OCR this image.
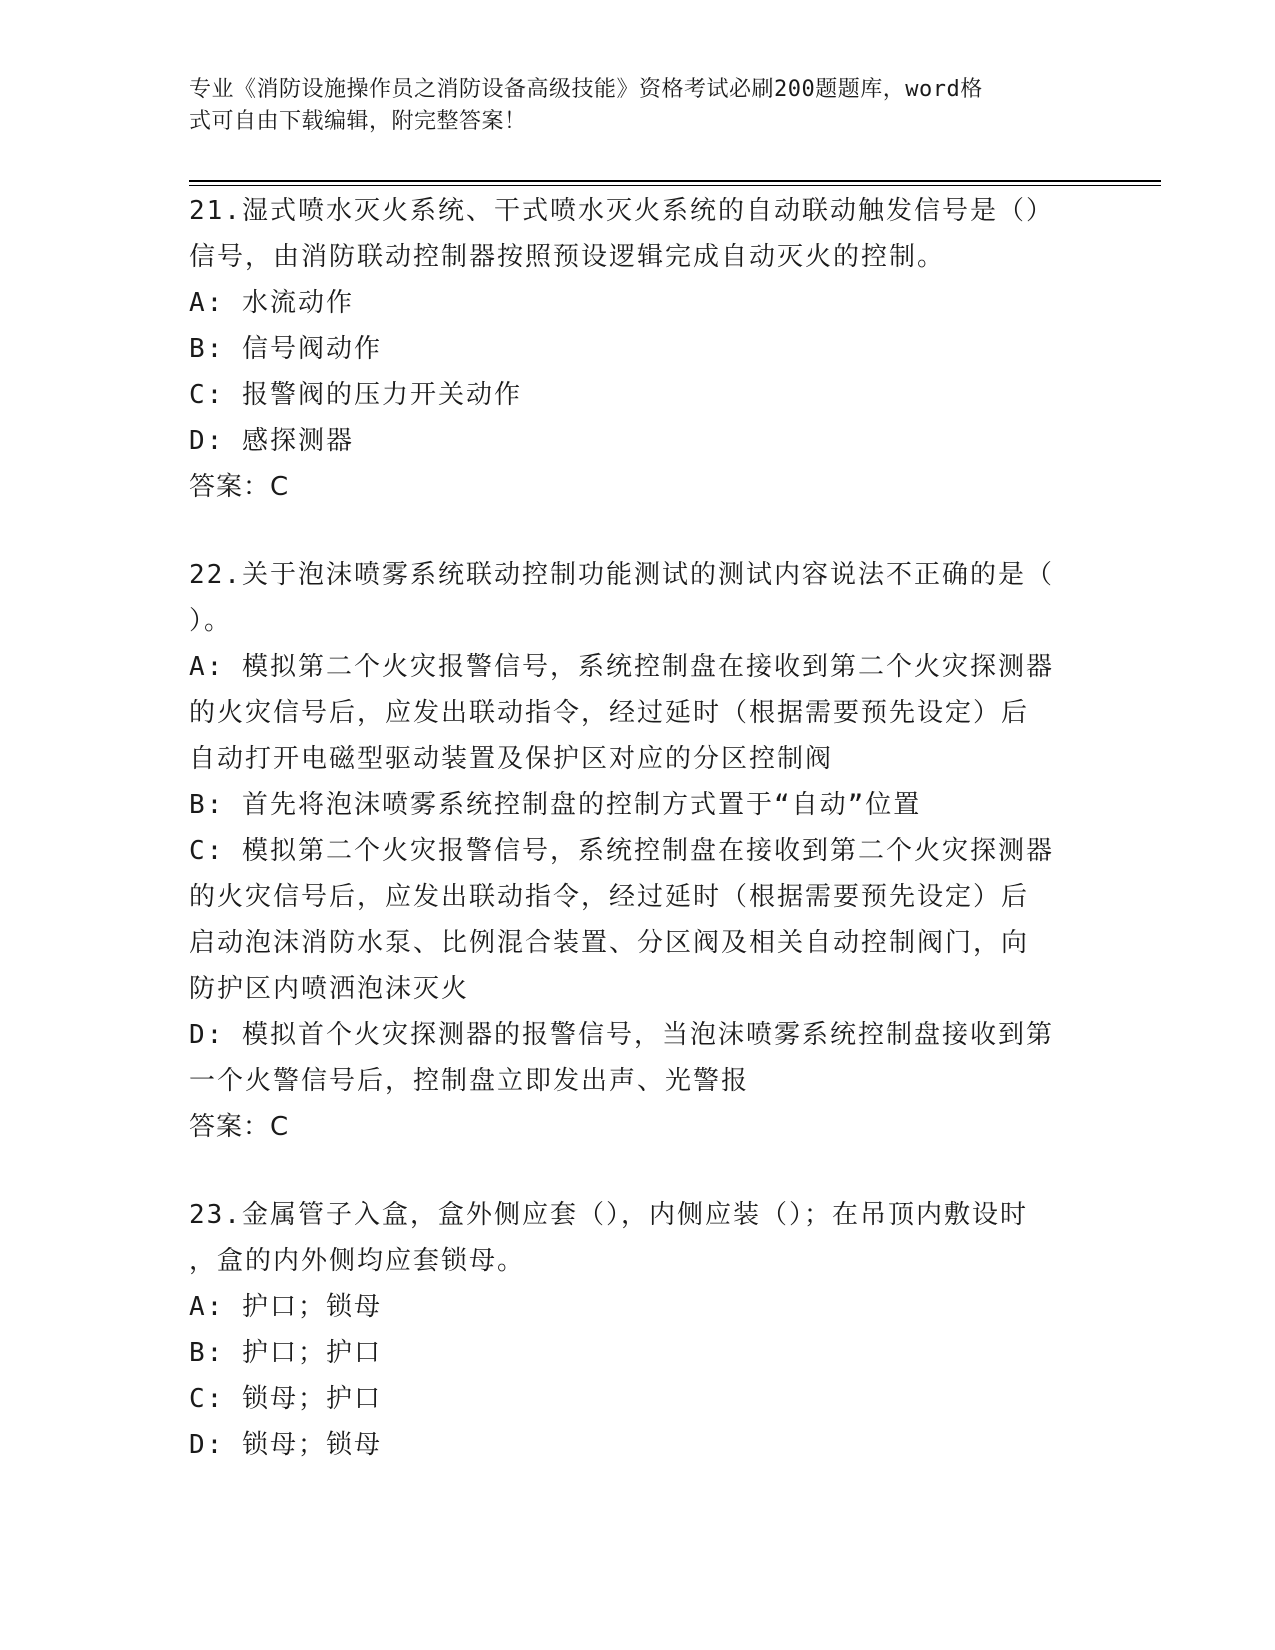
专业《消防设施操作员之消防设备高级技能》资格考试必刷200题题库，word格
式可自由下载编辑，附完整答案！
21.湿式喷水灭火系统、干式喷水灭火系统的自动联动触发信号是（）
信号，由消防联动控制器按照预设逻辑完成自动灭火的控制。
A: 水流动作
B: 信号阀动作
C: 报警阀的压力开关动作
D: 感探测器
答案：C
22.关于泡沫喷雾系统联动控制功能测试的测试内容说法不正确的是（
）。
A: 模拟第二个火灾报警信号，系统控制盘在接收到第二个火灾探测器
的火灾信号后，应发出联动指令，经过延时（根据需要预先设定）后
自动打开电磁型驱动装置及保护区对应的分区控制阀
B: 首先将泡沫喷雾系统控制盘的控制方式置于“自动”位置
C: 模拟第二个火灾报警信号，系统控制盘在接收到第二个火灾探测器
的火灾信号后，应发出联动指令，经过延时（根据需要预先设定）后
启动泡沫消防水泵、比例混合装置、分区阀及相关自动控制阀门，向
防护区内喷洒泡沫灭火
D: 模拟首个火灾探测器的报警信号，当泡沫喷雾系统控制盘接收到第
一个火警信号后，控制盘立即发出声、光警报
答案：C
23.金属管子入盒，盒外侧应套（），内侧应装（）；在吊顶内敷设时
，盒的内外侧均应套锁母。
A: 护口；锁母
B: 护口；护口
C: 锁母；护口
D: 锁母；锁母
